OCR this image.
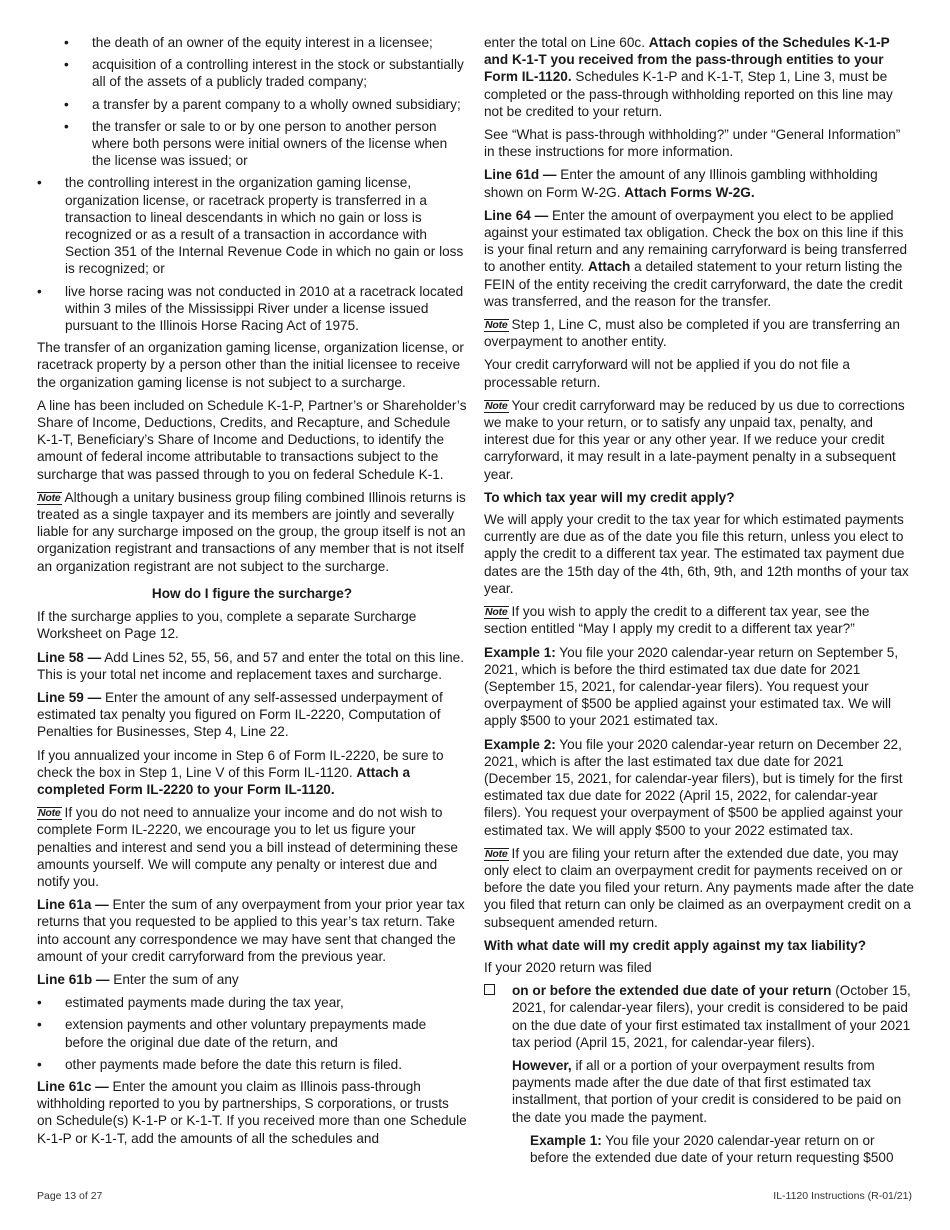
• the death of an owner of the equity interest in a licensee;
• acquisition of a controlling interest in the stock or substantially all of the assets of a publicly traded company;
• a transfer by a parent company to a wholly owned subsidiary;
• the transfer or sale to or by one person to another person where both persons were initial owners of the license when the license was issued; or
• the controlling interest in the organization gaming license, organization license, or racetrack property is transferred in a transaction to lineal descendants in which no gain or loss is recognized or as a result of a transaction in accordance with Section 351 of the Internal Revenue Code in which no gain or loss is recognized; or
• live horse racing was not conducted in 2010 at a racetrack located within 3 miles of the Mississippi River under a license issued pursuant to the Illinois Horse Racing Act of 1975.

The transfer of an organization gaming license, organization license, or racetrack property by a person other than the initial licensee to receive the organization gaming license is not subject to a surcharge.

A line has been included on Schedule K-1-P, Partner’s or Shareholder’s Share of Income, Deductions, Credits, and Recapture, and Schedule K-1-T, Beneficiary’s Share of Income and Deductions, to identify the amount of federal income attributable to transactions subject to the surcharge that was passed through to you on federal Schedule K-1.

Note Although a unitary business group filing combined Illinois returns is treated as a single taxpayer and its members are jointly and severally liable for any surcharge imposed on the group, the group itself is not an organization registrant and transactions of any member that is not itself an organization registrant are not subject to the surcharge.

How do I figure the surcharge?

If the surcharge applies to you, complete a separate Surcharge Worksheet on Page 12.

Line 58 — Add Lines 52, 55, 56, and 57 and enter the total on this line. This is your total net income and replacement taxes and surcharge.

Line 59 — Enter the amount of any self-assessed underpayment of estimated tax penalty you figured on Form IL-2220, Computation of Penalties for Businesses, Step 4, Line 22.

If you annualized your income in Step 6 of Form IL-2220, be sure to check the box in Step 1, Line V of this Form IL-1120. Attach a completed Form IL-2220 to your Form IL-1120.

Note If you do not need to annualize your income and do not wish to complete Form IL-2220, we encourage you to let us figure your penalties and interest and send you a bill instead of determining these amounts yourself. We will compute any penalty or interest due and notify you.

Line 61a — Enter the sum of any overpayment from your prior year tax returns that you requested to be applied to this year’s tax return. Take into account any correspondence we may have sent that changed the amount of your credit carryforward from the previous year.

Line 61b — Enter the sum of any

• estimated payments made during the tax year,
• extension payments and other voluntary prepayments made before the original due date of the return, and
• other payments made before the date this return is filed.

Line 61c — Enter the amount you claim as Illinois pass-through withholding reported to you by partnerships, S corporations, or trusts on Schedule(s) K-1-P or K-1-T. If you received more than one Schedule K-1-P or K-1-T, add the amounts of all the schedules and

enter the total on Line 60c. Attach copies of the Schedules K-1-P and K-1-T you received from the pass-through entities to your Form IL-1120. Schedules K-1-P and K-1-T, Step 1, Line 3, must be completed or the pass-through withholding reported on this line may not be credited to your return.

See “What is pass-through withholding?” under “General Information” in these instructions for more information.

Line 61d — Enter the amount of any Illinois gambling withholding shown on Form W-2G. Attach Forms W-2G.

Line 64 — Enter the amount of overpayment you elect to be applied against your estimated tax obligation. Check the box on this line if this is your final return and any remaining carryforward is being transferred to another entity. Attach a detailed statement to your return listing the FEIN of the entity receiving the credit carryforward, the date the credit was transferred, and the reason for the transfer.

Note Step 1, Line C, must also be completed if you are transferring an overpayment to another entity.

Your credit carryforward will not be applied if you do not file a processable return.

Note Your credit carryforward may be reduced by us due to corrections we make to your return, or to satisfy any unpaid tax, penalty, and interest due for this year or any other year. If we reduce your credit carryforward, it may result in a late-payment penalty in a subsequent year.

To which tax year will my credit apply?

We will apply your credit to the tax year for which estimated payments currently are due as of the date you file this return, unless you elect to apply the credit to a different tax year. The estimated tax payment due dates are the 15th day of the 4th, 6th, 9th, and 12th months of your tax year.

Note If you wish to apply the credit to a different tax year, see the section entitled “May I apply my credit to a different tax year?”

Example 1: You file your 2020 calendar-year return on September 5, 2021, which is before the third estimated tax due date for 2021 (September 15, 2021, for calendar-year filers). You request your overpayment of $500 be applied against your estimated tax. We will apply $500 to your 2021 estimated tax.

Example 2: You file your 2020 calendar-year return on December 22, 2021, which is after the last estimated tax due date for 2021 (December 15, 2021, for calendar-year filers), but is timely for the first estimated tax due date for 2022 (April 15, 2022, for calendar-year filers). You request your overpayment of $500 be applied against your estimated tax. We will apply $500 to your 2022 estimated tax.

Note If you are filing your return after the extended due date, you may only elect to claim an overpayment credit for payments received on or before the date you filed your return. Any payments made after the date you filed that return can only be claimed as an overpayment credit on a subsequent amended return.

With what date will my credit apply against my tax liability?

If your 2020 return was filed

on or before the extended due date of your return (October 15, 2021, for calendar-year filers), your credit is considered to be paid on the due date of your first estimated tax installment of your 2021 tax period (April 15, 2021, for calendar-year filers).

However, if all or a portion of your overpayment results from payments made after the due date of that first estimated tax installment, that portion of your credit is considered to be paid on the date you made the payment.

Example 1: You file your 2020 calendar-year return on or before the extended due date of your return requesting $500

Page 13 of 27	IL-1120 Instructions (R-01/21)
